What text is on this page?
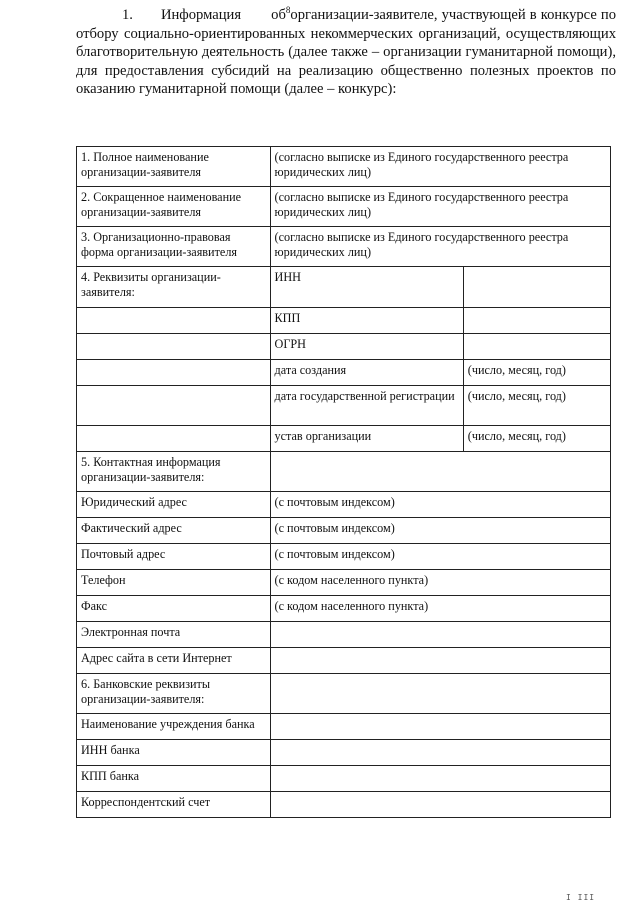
1. Информация $об^8организации$-заявителе, участвующей в конкурсе по отбору социально-ориентированных некоммерческих организаций, осуществляющих благотворительную деятельность (далее также – организации гуманитарной помощи), для предоставления субсидий на реализацию общественно полезных проектов по оказанию гуманитарной помощи (далее – конкурс):
1. Полное наименование организации-заявителя	(согласно выписке из Единого государственного реестра юридических лиц)	
2. Сокращенное наименование организации-заявителя	(согласно выписке из Единого государственного реестра юридических лиц)	
3. Организационно-правовая форма организации-заявителя	(согласно выписке из Единого государственного реестра юридических лиц)	
4. Реквизиты организации-заявителя:	ИНН	
	КПП	
	ОГРН	
	дата создания	(число, месяц, год)
	дата государственной регистрации	(число, месяц, год)
	устав организации	(число, месяц, год)
5. Контактная информация организации-заявителя:		
Юридический адрес	(с почтовым индексом)	
Фактический адрес	(с почтовым индексом)	
Почтовый адрес	(с почтовым индексом)	
Телефон	(с кодом населенного пункта)	
Факс	(с кодом населенного пункта)	
Электронная почта		
Адрес сайта в сети Интернет		
6. Банковские реквизиты организации-заявителя:		
Наименование учреждения банка		
ИНН банка		
КПП банка		
Корреспондентский счет		
I III
